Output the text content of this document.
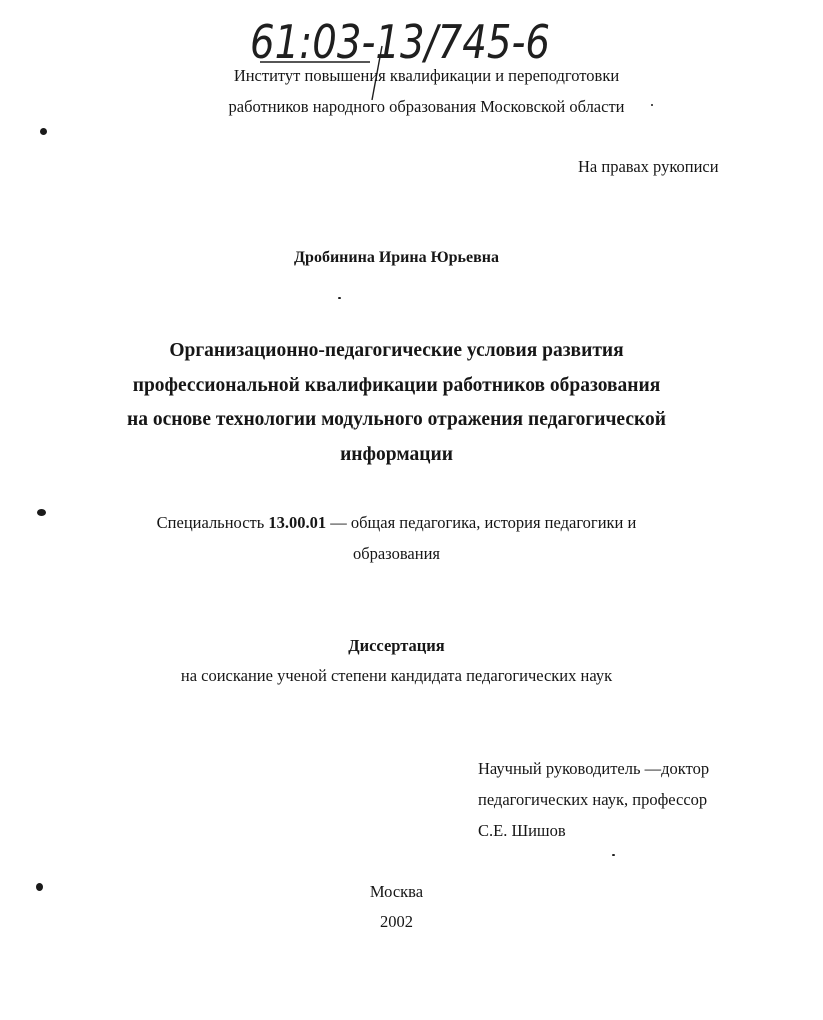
61:03-13/745-6
Институт повышения квалификации и переподготовки
работников народного образования Московской области
На правах рукописи
Дробинина Ирина Юрьевна
Организационно-педагогические условия развития
профессиональной квалификации работников образования
на основе технологии модульного отражения педагогической
информации
Специальность 13.00.01 — общая педагогика, история педагогики и
образования
Диссертация
на соискание ученой степени кандидата педагогических наук
Научный руководитель —доктор
педагогических наук, профессор
С.Е. Шишов
Москва
2002
